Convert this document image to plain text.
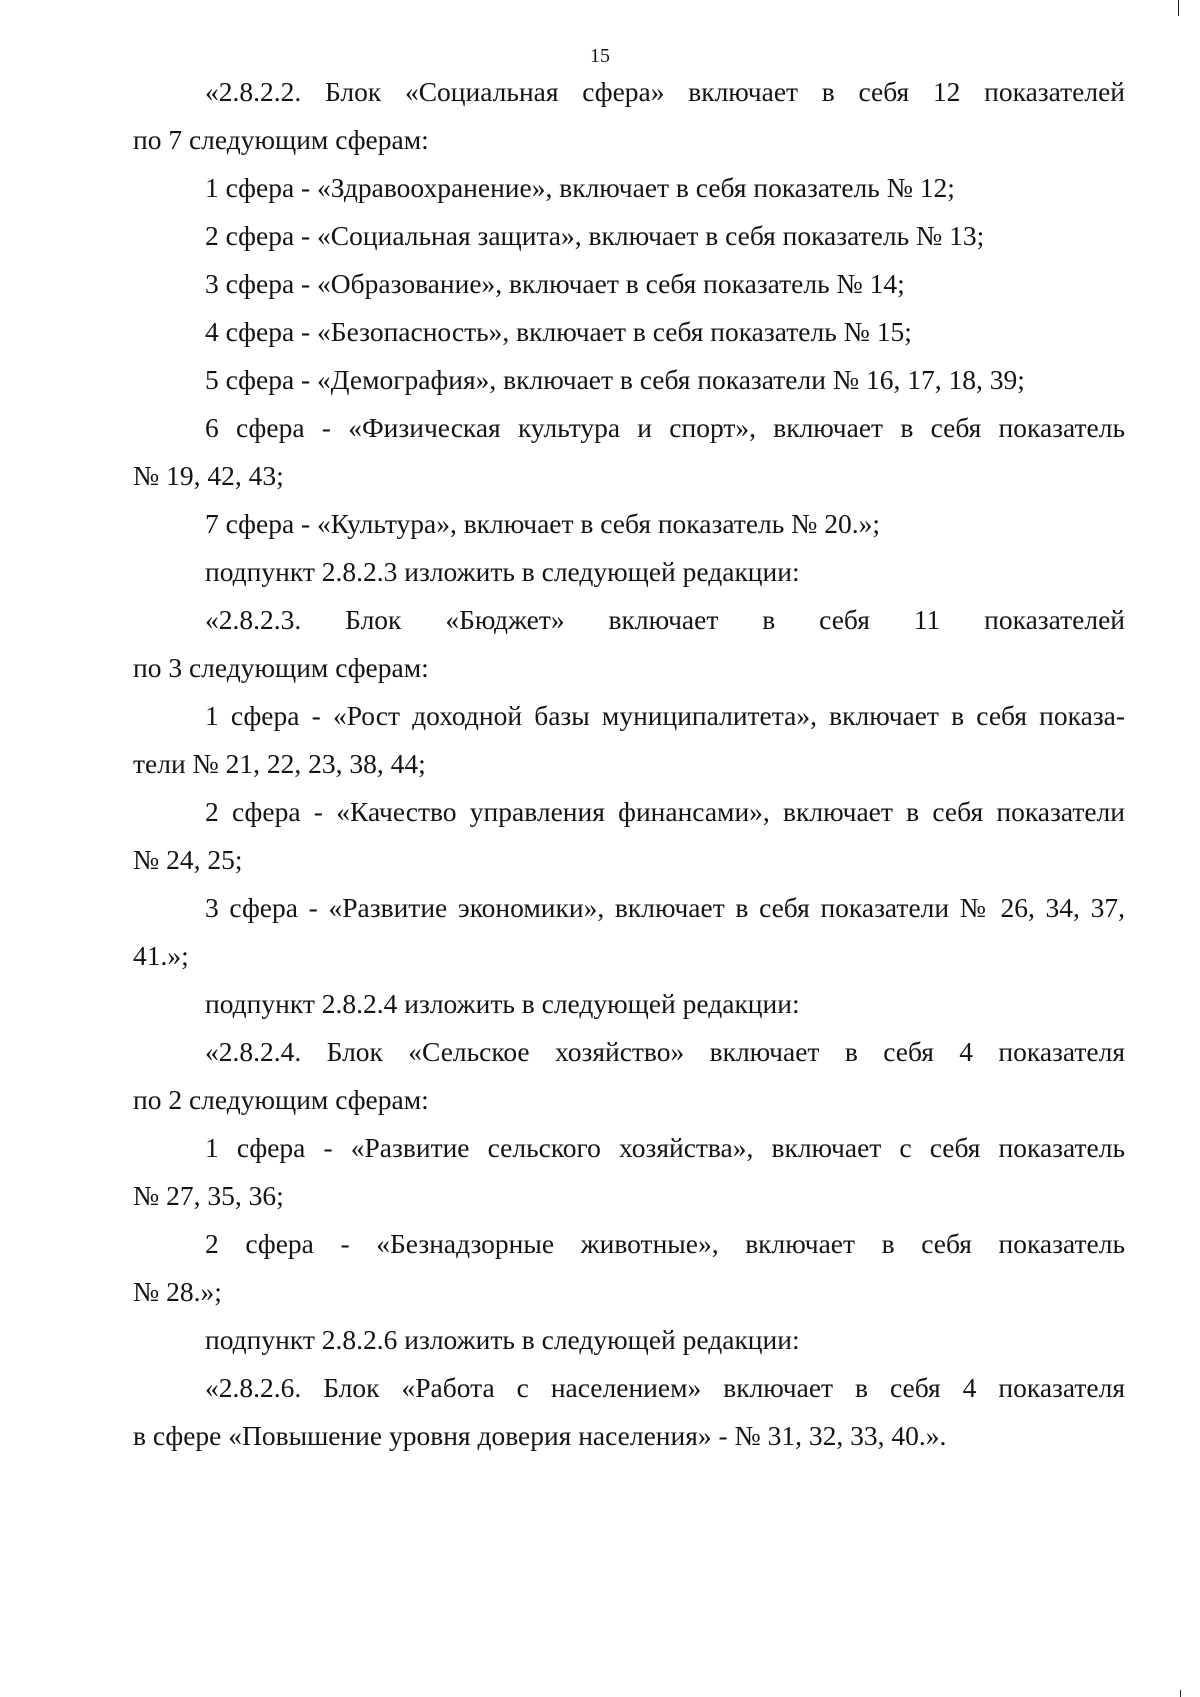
15
«2.8.2.2. Блок «Социальная сфера» включает в себя 12 показателей
по 7 следующим сферам:
1 сфера - «Здравоохранение», включает в себя показатель № 12;
2 сфера - «Социальная защита», включает в себя показатель № 13;
3 сфера - «Образование», включает в себя показатель № 14;
4 сфера - «Безопасность», включает в себя показатель № 15;
5 сфера - «Демография», включает в себя показатели № 16, 17, 18, 39;
6 сфера - «Физическая культура и спорт», включает в себя показатель
№ 19, 42, 43;
7 сфера - «Культура», включает в себя показатель № 20.»;
подпункт 2.8.2.3 изложить в следующей редакции:
«2.8.2.3. Блок «Бюджет» включает в себя 11 показателей
по 3 следующим сферам:
1 сфера - «Рост доходной базы муниципалитета», включает в себя показа-
тели № 21, 22, 23, 38, 44;
2 сфера - «Качество управления финансами», включает в себя показатели
№ 24, 25;
3 сфера - «Развитие экономики», включает в себя показатели № 26, 34, 37,
41.»;
подпункт 2.8.2.4 изложить в следующей редакции:
«2.8.2.4. Блок «Сельское хозяйство» включает в себя 4 показателя
по 2 следующим сферам:
1 сфера - «Развитие сельского хозяйства», включает с себя показатель
№ 27, 35, 36;
2 сфера - «Безнадзорные животные», включает в себя показатель
№ 28.»;
подпункт 2.8.2.6 изложить в следующей редакции:
«2.8.2.6. Блок «Работа с населением» включает в себя 4 показателя
в сфере «Повышение уровня доверия населения» - № 31, 32, 33, 40.».
